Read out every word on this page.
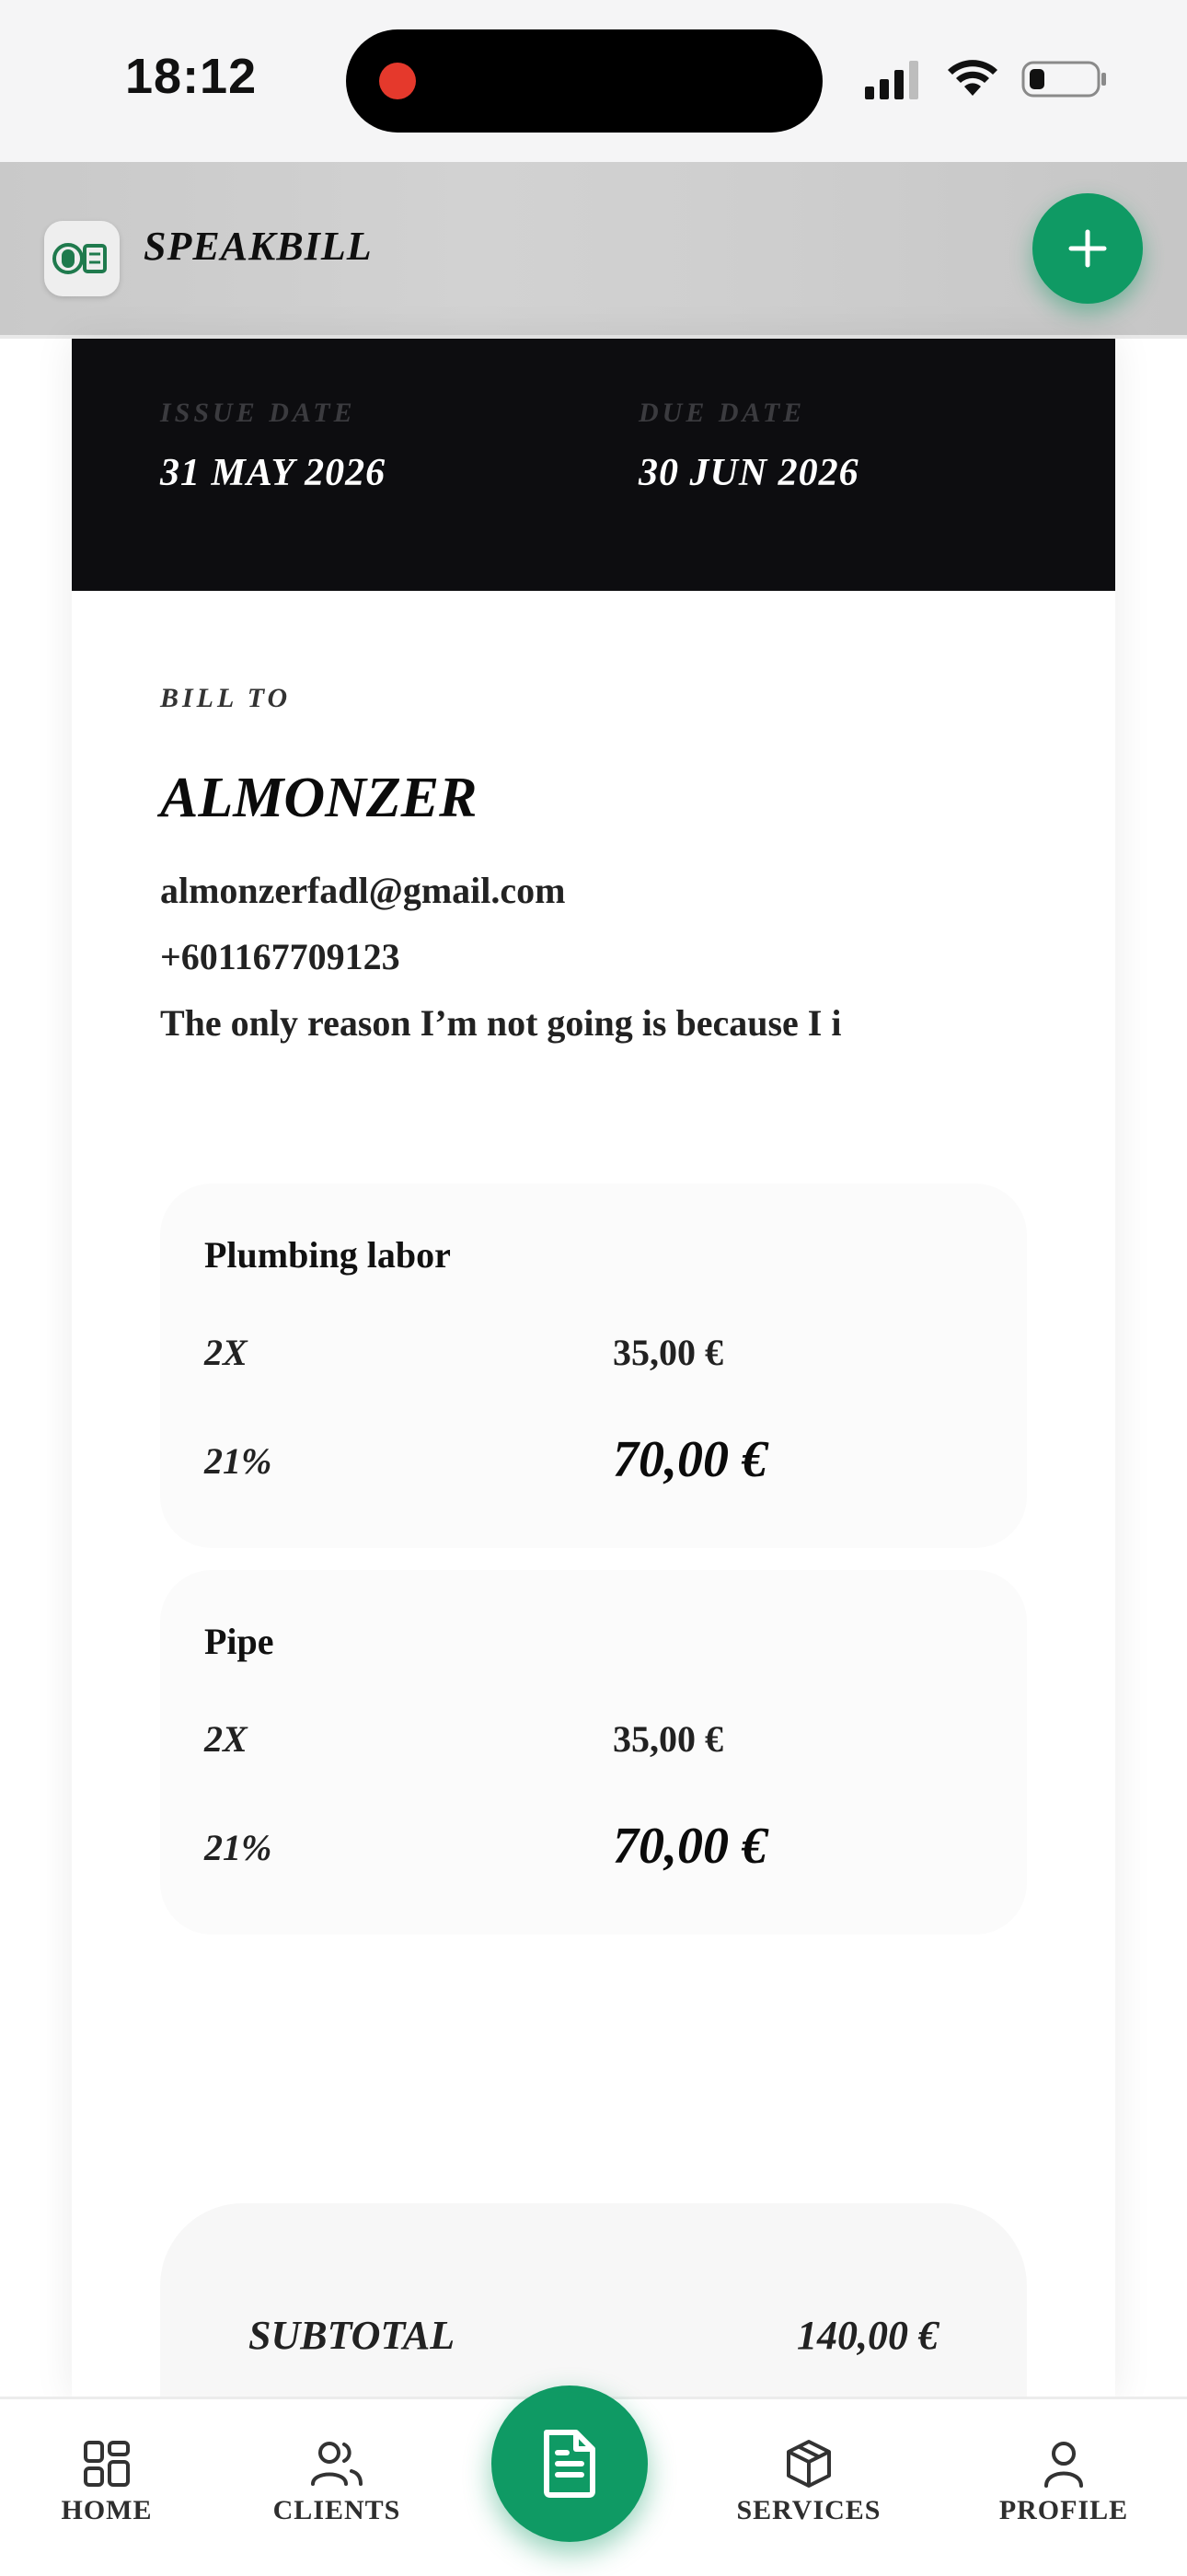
18:12
SPEAKBILL
ISSUE DATE
31 MAY 2026
DUE DATE
30 JUN 2026
BILL TO
ALMONZER
almonzerfadl@gmail.com
+601167709123
The only reason I’m not going is because I i
Plumbing labor
2X	35,00 €
21%	70,00 €
Pipe
2X	35,00 €
21%	70,00 €
SUBTOTAL	140,00 €
HOME	CLIENTS	SERVICES	PROFILE
